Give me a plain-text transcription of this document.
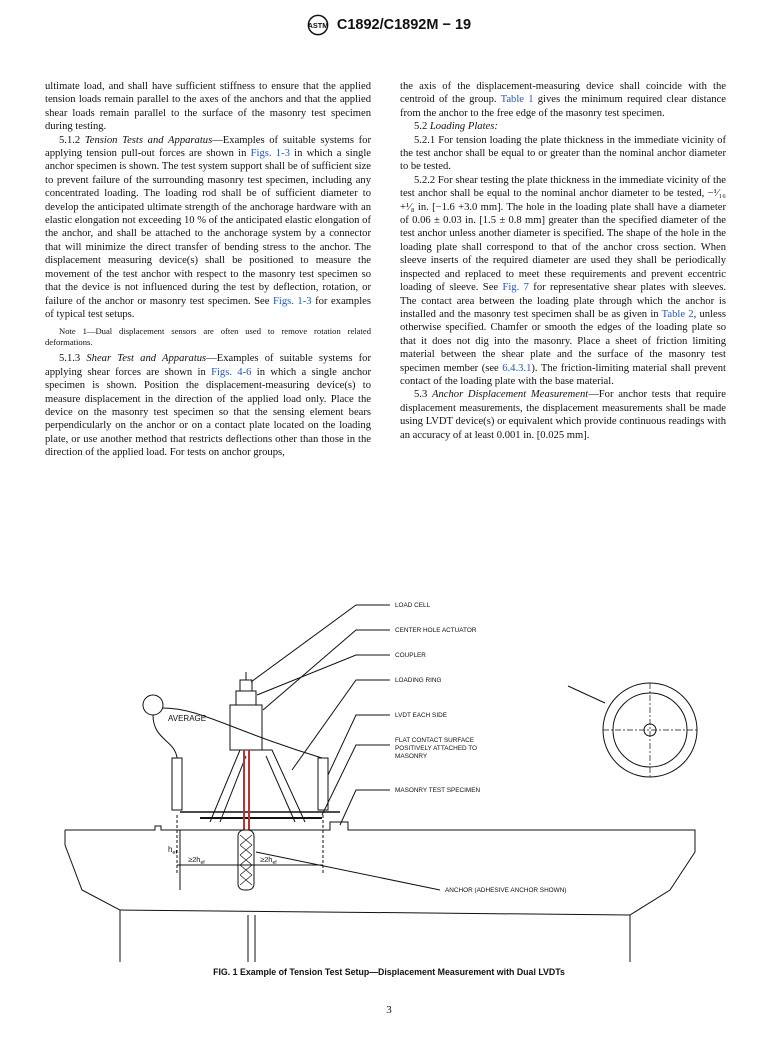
ASTM C1892/C1892M − 19

ultimate load, and shall have sufficient stiffness to ensure that the applied tension loads remain parallel to the axes of the anchors and that the applied shear loads remain parallel to the surface of the masonry test specimen during testing.

5.1.2 Tension Tests and Apparatus—Examples of suitable systems for applying tension pull-out forces are shown in Figs. 1-3 in which a single anchor specimen is shown. The test system support shall be of sufficient size to prevent failure of the surrounding masonry test specimen, including any concentrated loading. The loading rod shall be of sufficient diameter to develop the anticipated ultimate strength of the anchorage hardware with an elastic elongation not exceeding 10 % of the anticipated elastic elongation of the anchor, and shall be attached to the anchorage system by a connector that will minimize the direct transfer of bending stress to the anchor. The displacement measuring device(s) shall be positioned to measure the movement of the test anchor with respect to the masonry test specimen so that the device is not influenced during the test by deflection, rotation, or failure of the anchor or masonry test specimen. See Figs. 1-3 for examples of typical test setups.

Note 1—Dual displacement sensors are often used to remove rotation related deformations.

5.1.3 Shear Test and Apparatus—Examples of suitable systems for applying shear forces are shown in Figs. 4-6 in which a single anchor specimen is shown. Position the displacement-measuring device(s) to measure displacement in the direction of the applied load only. Place the device on the masonry test specimen so that the sensing element bears perpendicularly on the anchor or on a contact plate located on the loading plate, or use another method that restricts deflections other than those in the direction of the applied load. For tests on anchor groups,

the axis of the displacement-measuring device shall coincide with the centroid of the group. Table 1 gives the minimum required clear distance from the anchor to the free edge of the masonry test specimen.

5.2 Loading Plates:

5.2.1 For tension loading the plate thickness in the immediate vicinity of the test anchor shall be equal to or greater than the nominal anchor diameter to be tested.

5.2.2 For shear testing the plate thickness in the immediate vicinity of the test anchor shall be equal to the nominal anchor diameter to be tested, −¹⁄₁₆ +¹⁄₈ in. [−1.6 +3.0 mm]. The hole in the loading plate shall have a diameter of 0.06 ± 0.03 in. [1.5 ± 0.8 mm] greater than the specified diameter of the test anchor unless another diameter is specified. The shape of the hole in the loading plate shall correspond to that of the anchor cross section. When sleeve inserts of the required diameter are used they shall be periodically inspected and replaced to meet these requirements and prevent eccentric loading of sleeve. See Fig. 7 for representative shear plates with sleeves. The contact area between the loading plate through which the anchor is installed and the masonry test specimen shall be as given in Table 2, unless otherwise specified. Chamfer or smooth the edges of the loading plate so that it does not dig into the masonry. Place a sheet of friction limiting material between the shear plate and the surface of the masonry test specimen member (see 6.4.3.1). The friction-limiting material shall prevent contact of the loading plate with the base material.

5.3 Anchor Displacement Measurement—For anchor tests that require displacement measurements, the displacement measurements shall be made using LVDT device(s) or equivalent which provide continuous readings with an accuracy of at least 0.001 in. [0.025 mm].

LOAD CELL
CENTER HOLE ACTUATOR
COUPLER
LOADING RING
LVDT EACH SIDE
FLAT CONTACT SURFACE
POSITIVELY ATTACHED TO
MASONRY
MASONRY TEST SPECIMEN
ANCHOR (ADHESIVE ANCHOR SHOWN)
AVERAGE
$h_{ef}$
$\ge 2h_{ef}$	$\ge 2h_{ef}$
FIG. 1 Example of Tension Test Setup—Displacement Measurement with Dual LVDTs
3
